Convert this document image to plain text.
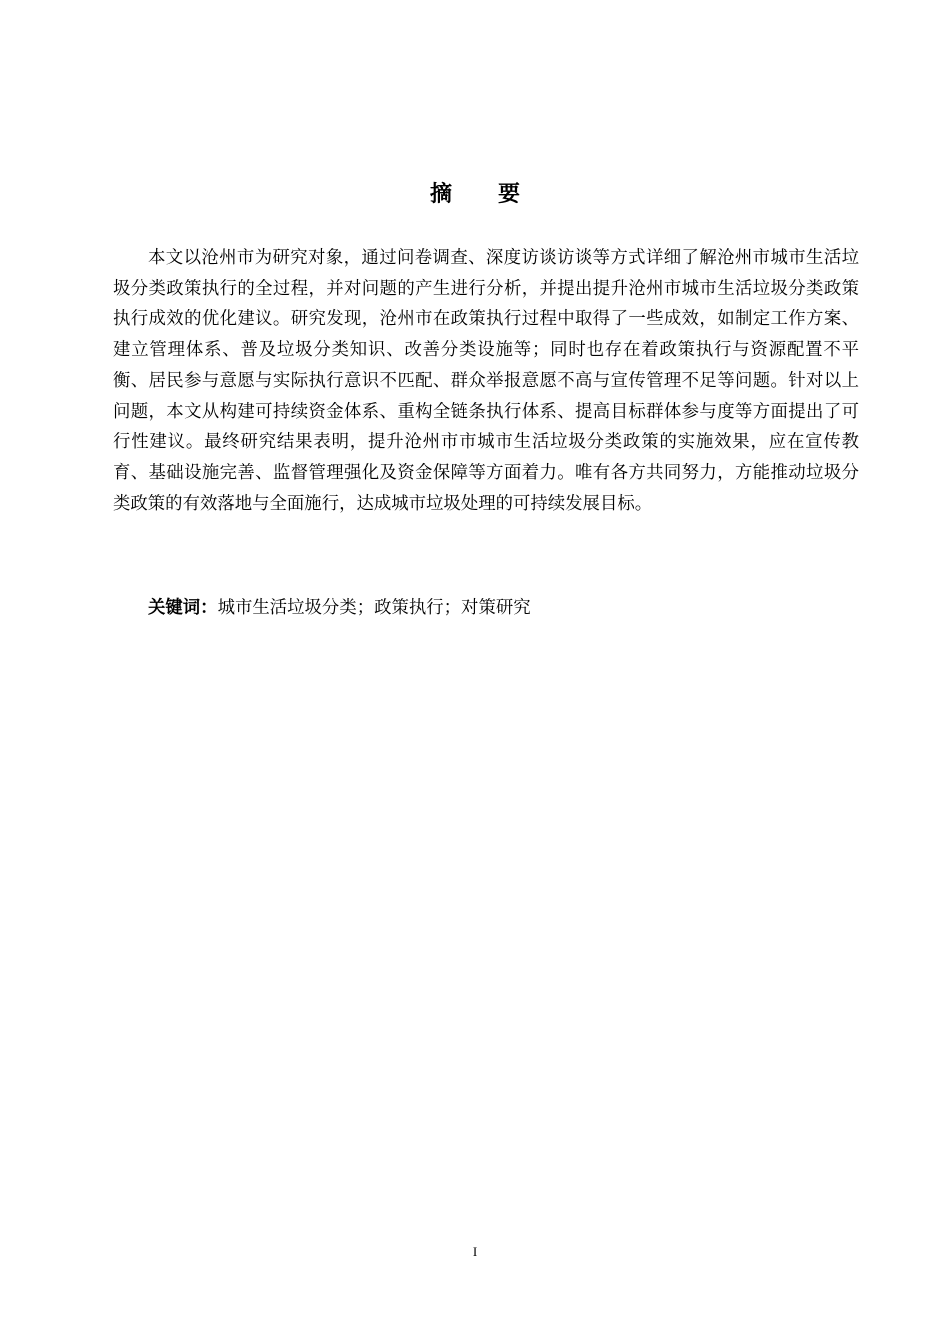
摘要

本文以沧州市为研究对象，通过问卷调查、深度访谈访谈等方式详细了解沧州市城市生活垃圾分类政策执行的全过程，并对问题的产生进行分析，并提出提升沧州市城市生活垃圾分类政策执行成效的优化建议。研究发现，沧州市在政策执行过程中取得了一些成效，如制定工作方案、建立管理体系、普及垃圾分类知识、改善分类设施等；同时也存在着政策执行与资源配置不平衡、居民参与意愿与实际执行意识不匹配、群众举报意愿不高与宣传管理不足等问题。针对以上问题，本文从构建可持续资金体系、重构全链条执行体系、提高目标群体参与度等方面提出了可行性建议。最终研究结果表明，提升沧州市市城市生活垃圾分类政策的实施效果，应在宣传教育、基础设施完善、监督管理强化及资金保障等方面着力。唯有各方共同努力，方能推动垃圾分类政策的有效落地与全面施行，达成城市垃圾处理的可持续发展目标。

关键词：城市生活垃圾分类；政策执行；对策研究

I
